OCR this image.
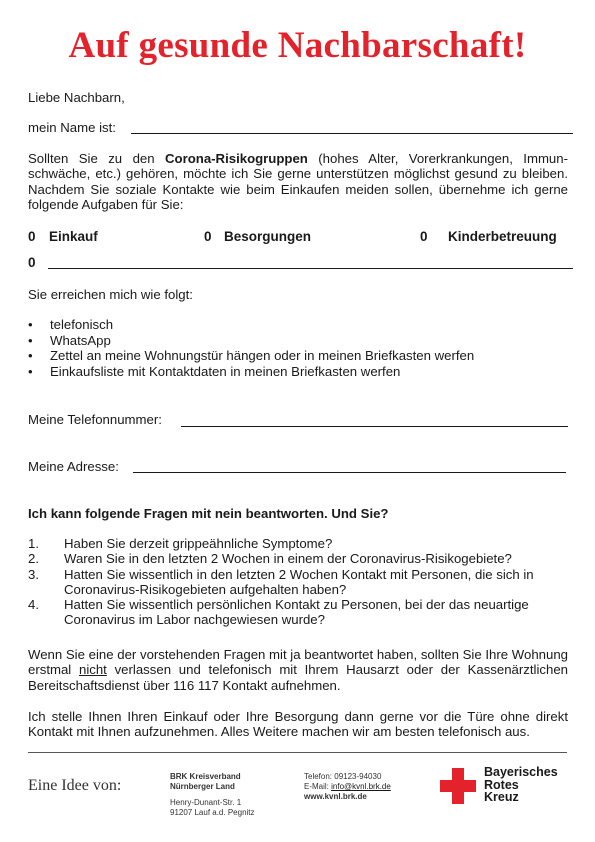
Auf gesunde Nachbarschaft!
Liebe Nachbarn,
mein Name ist:
Sollten Sie zu den Corona-Risikogruppen (hohes Alter, Vorerkrankungen, Immun-schwäche, etc.) gehören, möchte ich Sie gerne unterstützen möglichst gesund zu bleiben. Nachdem Sie soziale Kontakte wie beim Einkaufen meiden sollen, übernehme ich gerne folgende Aufgaben für Sie:
0 Einkauf	0 Besorgungen	0 Kinderbetreuung
0
Sie erreichen mich wie folgt:
• telefonisch
• WhatsApp
• Zettel an meine Wohnungstür hängen oder in meinen Briefkasten werfen
• Einkaufsliste mit Kontaktdaten in meinen Briefkasten werfen
Meine Telefonnummer:
Meine Adresse:
Ich kann folgende Fragen mit nein beantworten. Und Sie?
1. Haben Sie derzeit grippeähnliche Symptome?
2. Waren Sie in den letzten 2 Wochen in einem der Coronavirus-Risikogebiete?
3. Hatten Sie wissentlich in den letzten 2 Wochen Kontakt mit Personen, die sich in Coronavirus-Risikogebieten aufgehalten haben?
4. Hatten Sie wissentlich persönlichen Kontakt zu Personen, bei der das neuartige Coronavirus im Labor nachgewiesen wurde?
Wenn Sie eine der vorstehenden Fragen mit ja beantwortet haben, sollten Sie Ihre Wohnung erstmal nicht verlassen und telefonisch mit Ihrem Hausarzt oder der Kassenärztlichen Bereitschaftsdienst über 116 117 Kontakt aufnehmen.
Ich stelle Ihnen Ihren Einkauf oder Ihre Besorgung dann gerne vor die Türe ohne direkt Kontakt mit Ihnen aufzunehmen. Alles Weitere machen wir am besten telefonisch aus.
Eine Idee von:
BRK Kreisverband
Nürnberger Land
Henry-Dunant-Str. 1
91207 Lauf a.d. Pegnitz
Telefon: 09123-94030
E-Mail: info@kvnl.brk.de
www.kvnl.brk.de
Bayerisches
Rotes
Kreuz
